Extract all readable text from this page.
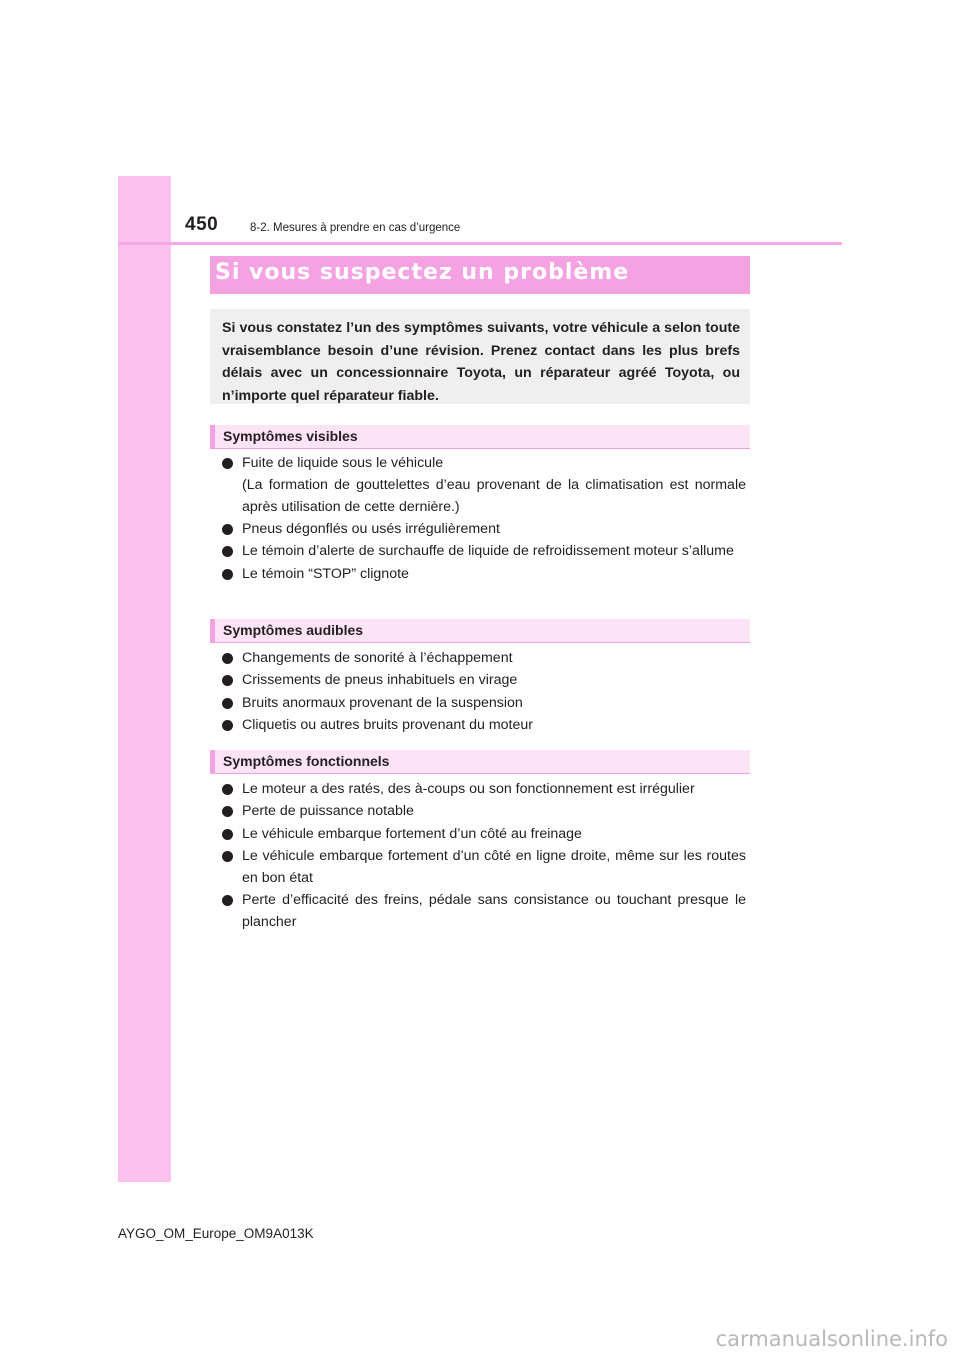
450	8-2. Mesures à prendre en cas d’urgence
Si vous suspectez un problème
Si vous constatez l’un des symptômes suivants, votre véhicule a selon toute vraisemblance besoin d’une révision. Prenez contact dans les plus brefs délais avec un concessionnaire Toyota, un réparateur agréé Toyota, ou n’importe quel réparateur fiable.
Symptômes visibles
Fuite de liquide sous le véhicule
(La formation de gouttelettes d’eau provenant de la climatisation est normale après utilisation de cette dernière.)
Pneus dégonflés ou usés irrégulièrement
Le témoin d’alerte de surchauffe de liquide de refroidissement moteur s’allume
Le témoin “STOP” clignote
Symptômes audibles
Changements de sonorité à l’échappement
Crissements de pneus inhabituels en virage
Bruits anormaux provenant de la suspension
Cliquetis ou autres bruits provenant du moteur
Symptômes fonctionnels
Le moteur a des ratés, des à-coups ou son fonctionnement est irrégulier
Perte de puissance notable
Le véhicule embarque fortement d’un côté au freinage
Le véhicule embarque fortement d’un côté en ligne droite, même sur les routes en bon état
Perte d’efficacité des freins, pédale sans consistance ou touchant presque le plancher
AYGO_OM_Europe_OM9A013K
carmanualsonline.info
